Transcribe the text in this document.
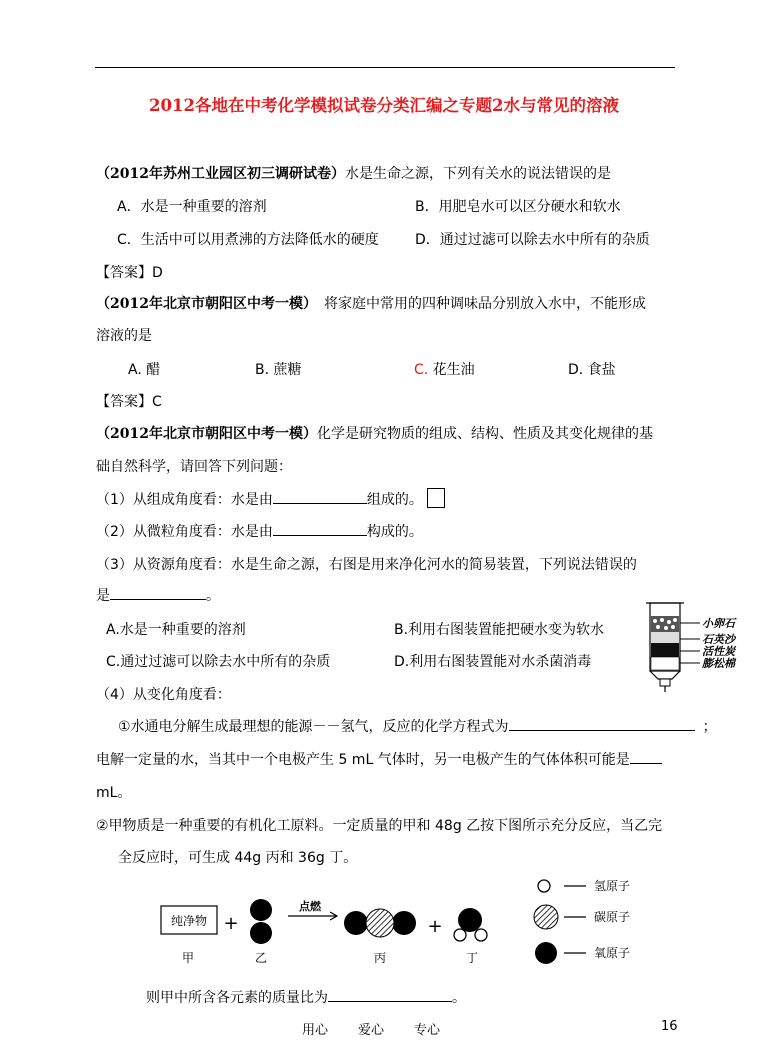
2012各地在中考化学模拟试卷分类汇编之专题2水与常见的溶液
（2012年苏州工业园区初三调研试卷）水是生命之源，下列有关水的说法错误的是
A．水是一种重要的溶剂	B．用肥皂水可以区分硬水和软水
C．生活中可以用煮沸的方法降低水的硬度	D．通过过滤可以除去水中所有的杂质
【答案】D
（2012年北京市朝阳区中考一模）　将家庭中常用的四种调味品分别放入水中，不能形成
溶液的是
A. 醋	B. 蔗糖	C. 花生油	D. 食盐
【答案】C
（2012年北京市朝阳区中考一模）化学是研究物质的组成、结构、性质及其变化规律的基
础自然科学，请回答下列问题：
（1）从组成角度看：水是由	组成的。
（2）从微粒角度看：水是由	构成的。
（3）从资源角度看：水是生命之源，右图是用来净化河水的简易装置，下列说法错误的
是	。
A.水是一种重要的溶剂	B.利用右图装置能把硬水变为软水
C.通过过滤可以除去水中所有的杂质	D.利用右图装置能对水杀菌消毒
小卵石
石英沙
活性炭
膨松棉
（4）从变化角度看：
①水通电分解生成最理想的能源－－氢气，反应的化学方程式为	；
电解一定量的水，当其中一个电极产生 5 mL 气体时，另一电极产生的气体体积可能是
mL。
②甲物质是一种重要的有机化工原料。一定质量的甲和 48g 乙按下图所示充分反应，当乙完
全反应时，可生成 44g 丙和 36g 丁。
纯净物 +
点燃
+
甲	乙	丙	丁
氢原子
碳原子
氧原子
则甲中所含各元素的质量比为	。
用心 爱心 专心	16
